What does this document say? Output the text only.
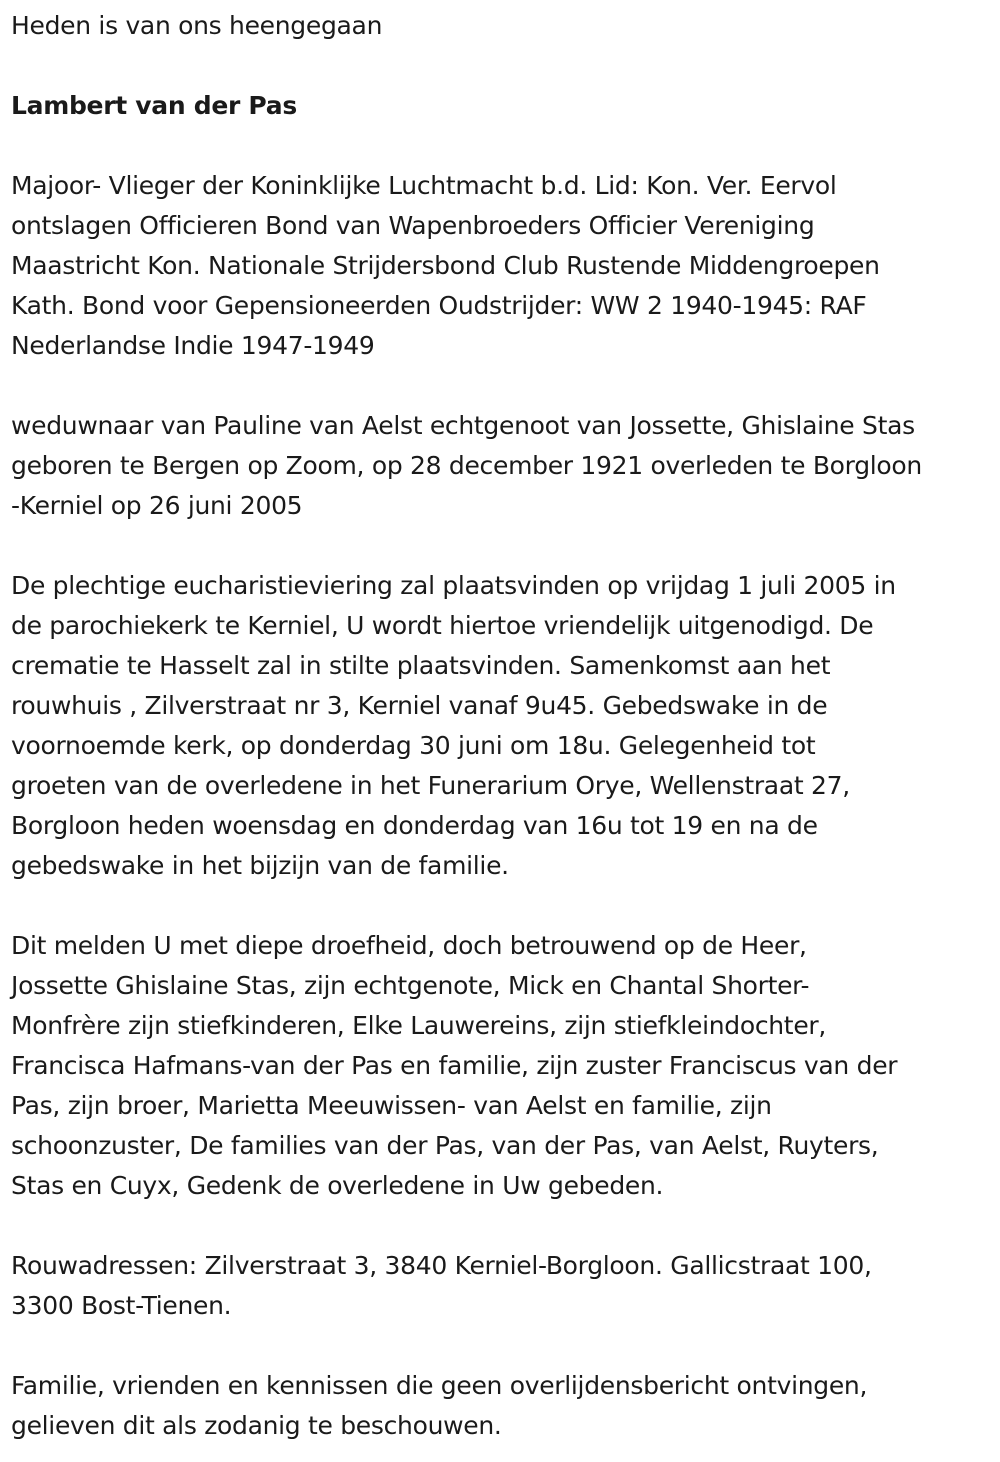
Heden is van ons heengegaan

Lambert van der Pas

Majoor- Vlieger der Koninklijke Luchtmacht b.d. Lid: Kon. Ver. Eervol
ontslagen Officieren Bond van Wapenbroeders Officier Vereniging
Maastricht Kon. Nationale Strijdersbond Club Rustende Middengroepen
Kath. Bond voor Gepensioneerden Oudstrijder: WW 2 1940-1945: RAF
Nederlandse Indie 1947-1949

weduwnaar van Pauline van Aelst echtgenoot van Jossette, Ghislaine Stas
geboren te Bergen op Zoom, op 28 december 1921 overleden te Borgloon
-Kerniel op 26 juni 2005

De plechtige eucharistieviering zal plaatsvinden op vrijdag 1 juli 2005 in
de parochiekerk te Kerniel, U wordt hiertoe vriendelijk uitgenodigd. De
crematie te Hasselt zal in stilte plaatsvinden. Samenkomst aan het
rouwhuis , Zilverstraat nr 3, Kerniel vanaf 9u45. Gebedswake in de
voornoemde kerk, op donderdag 30 juni om 18u. Gelegenheid tot
groeten van de overledene in het Funerarium Orye, Wellenstraat 27,
Borgloon heden woensdag en donderdag van 16u tot 19 en na de
gebedswake in het bijzijn van de familie.

Dit melden U met diepe droefheid, doch betrouwend op de Heer,
Jossette Ghislaine Stas, zijn echtgenote, Mick en Chantal Shorter-
Monfrère zijn stiefkinderen, Elke Lauwereins, zijn stiefkleindochter,
Francisca Hafmans-van der Pas en familie, zijn zuster Franciscus van der
Pas, zijn broer, Marietta Meeuwissen- van Aelst en familie, zijn
schoonzuster, De families van der Pas, van der Pas, van Aelst, Ruyters,
Stas en Cuyx, Gedenk de overledene in Uw gebeden.

Rouwadressen: Zilverstraat 3, 3840 Kerniel-Borgloon. Gallicstraat 100,
3300 Bost-Tienen.

Familie, vrienden en kennissen die geen overlijdensbericht ontvingen,
gelieven dit als zodanig te beschouwen.
